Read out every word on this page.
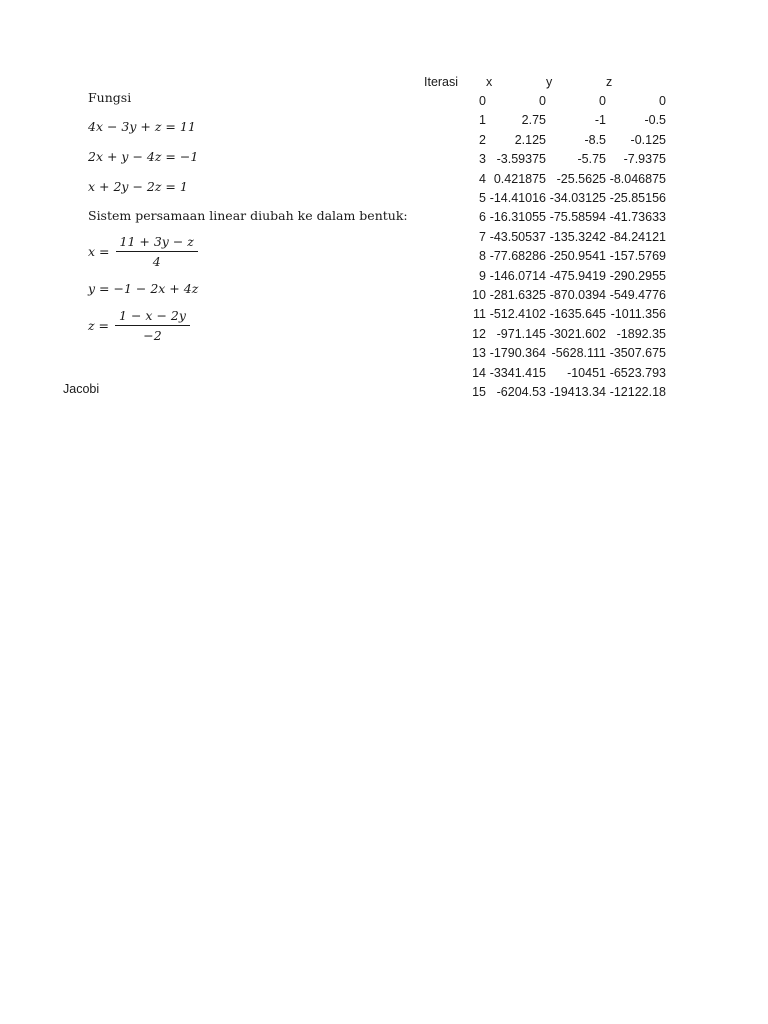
Fungsi
4x − 3y + z = 11
2x + y − 4z = −1
x + 2y − 2z = 1
Sistem persamaan linear diubah ke dalam bentuk:
$x = \frac{11 + 3y - z}{4}$
y = −1 − 2x + 4z
$z = \frac{1 - x - 2y}{-2}$
Jacobi
Iterasi	x	y	z
0	0	0	0
1	2.75	-1	-0.5
2	2.125	-8.5	-0.125
3 -3.59375	-5.75	-7.9375
4 0.421875 -25.5625 -8.046875
5 -14.41016 -34.03125 -25.85156
6 -16.31055 -75.58594 -41.73633
7 -43.50537 -135.3242 -84.24121
8 -77.68286 -250.9541 -157.5769
9 -146.0714 -475.9419 -290.2955
10 -281.6325 -870.0394 -549.4776
11 -512.4102 -1635.645 -1011.356
12 -971.145 -3021.602 -1892.35
13 -1790.364 -5628.111 -3507.675
14 -3341.415	-10451 -6523.793
15 -6204.53 -19413.34 -12122.18
